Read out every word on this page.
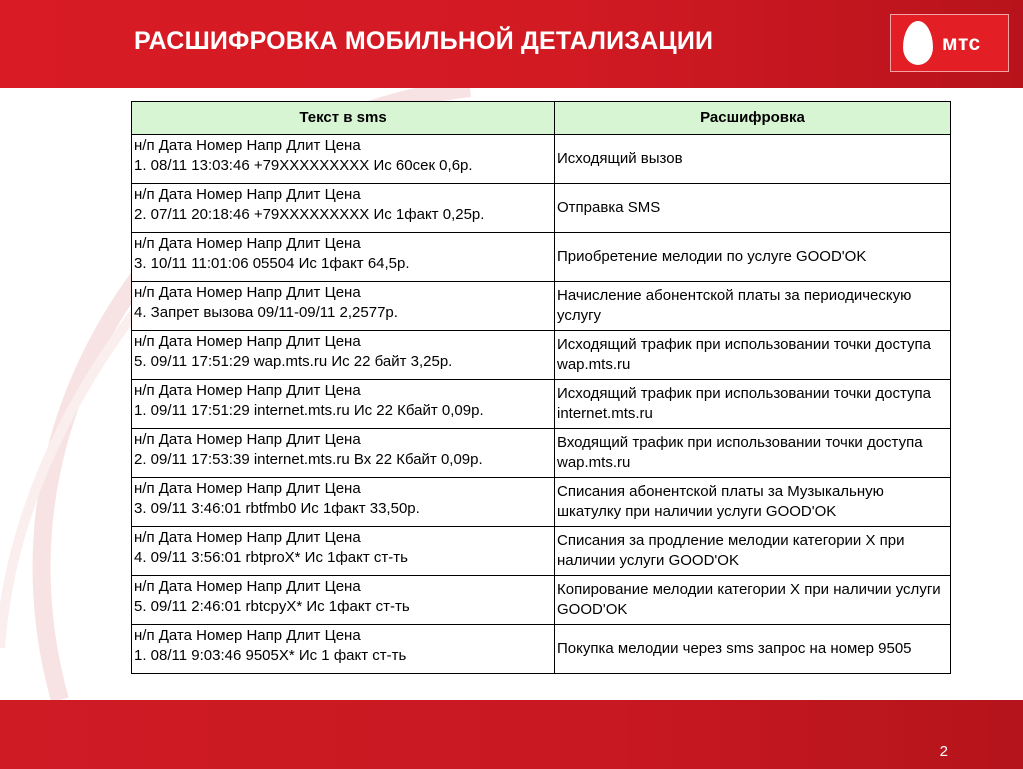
РАСШИФРОВКА МОБИЛЬНОЙ ДЕТАЛИЗАЦИИ	мтс
Текст в sms	Расшифровка

н/п Дата Номер Напр Длит Цена
1. 08/11 13:03:46 +79XXXXXXXXX Ис 60сек 0,6р.	Исходящий вызов

н/п Дата Номер Напр Длит Цена
2. 07/11 20:18:46 +79XXXXXXXXX Ис 1факт 0,25р.	Отправка SMS

н/п Дата Номер Напр Длит Цена
3. 10/11 11:01:06 05504 Ис 1факт 64,5р.	Приобретение мелодии по услуге GOOD'OK

н/п Дата Номер Напр Длит Цена
4. Запрет вызова 09/11-09/11 2,2577р.	Начисление абонентской платы за периодическую услугу

н/п Дата Номер Напр Длит Цена
5. 09/11 17:51:29 wap.mts.ru Ис 22 байт 3,25р.	Исходящий трафик при использовании точки доступа wap.mts.ru

н/п Дата Номер Напр Длит Цена
1. 09/11 17:51:29 internet.mts.ru Ис 22 Кбайт 0,09р.	Исходящий трафик при использовании точки доступа internet.mts.ru

н/п Дата Номер Напр Длит Цена
2. 09/11 17:53:39 internet.mts.ru Вх 22 Кбайт 0,09р.	Входящий трафик при использовании точки доступа wap.mts.ru

н/п Дата Номер Напр Длит Цена
3. 09/11 3:46:01 rbtfmb0 Ис 1факт 33,50р.	Списания абонентской платы за Музыкальную шкатулку при наличии услуги GOOD'OK

н/п Дата Номер Напр Длит Цена
4. 09/11 3:56:01 rbtproX* Ис 1факт ст-ть	Списания за продление мелодии категории X при наличии услуги GOOD'OK

н/п Дата Номер Напр Длит Цена
5. 09/11 2:46:01 rbtcpyX* Ис 1факт ст-ть	Копирование мелодии категории X при наличии услуги GOOD'OK

н/п Дата Номер Напр Длит Цена
1. 08/11 9:03:46 9505X* Ис 1 факт ст-ть	Покупка мелодии через sms запрос на номер 9505
2
